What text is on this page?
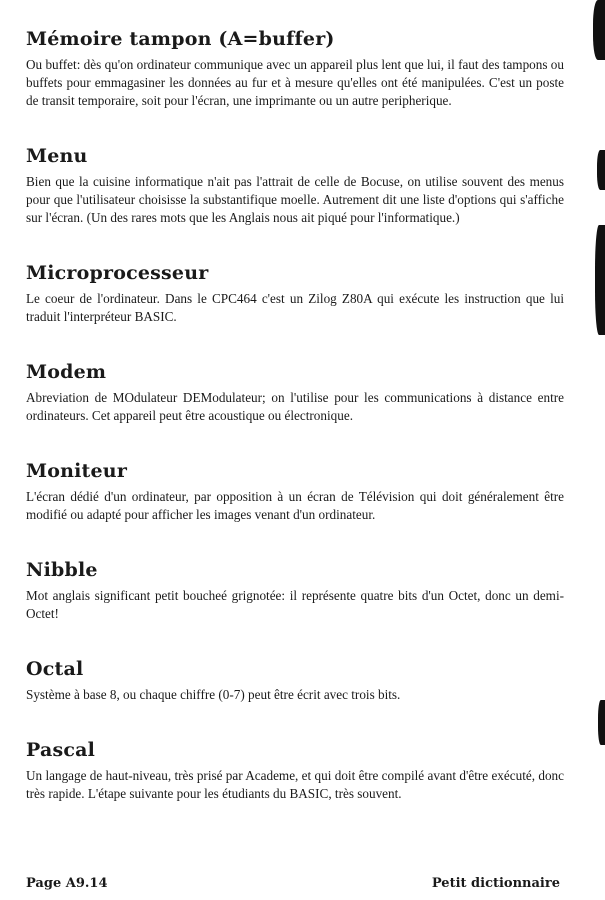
Mémoire tampon (A=buffer)

Ou buffet: dès qu'on ordinateur communique avec un appareil plus lent que lui, il faut des tampons ou buffets pour emmagasiner les données au fur et à mesure qu'elles ont été manipulées. C'est un poste de transit temporaire, soit pour l'écran, une imprimante ou un autre peripherique.

Menu

Bien que la cuisine informatique n'ait pas l'attrait de celle de Bocuse, on utilise souvent des menus pour que l'utilisateur choisisse la substantifique moelle. Autrement dit une liste d'options qui s'affiche sur l'écran. (Un des rares mots que les Anglais nous ait piqué pour l'informatique.)

Microprocesseur

Le coeur de l'ordinateur. Dans le CPC464 c'est un Zilog Z80A qui exécute les instruction que lui traduit l'interpréteur BASIC.

Modem

Abreviation de MOdulateur DEModulateur; on l'utilise pour les communications à distance entre ordinateurs. Cet appareil peut être acoustique ou électronique.

Moniteur

L'écran dédié d'un ordinateur, par opposition à un écran de Télévision qui doit généralement être modifié ou adapté pour afficher les images venant d'un ordinateur.

Nibble

Mot anglais significant petit boucheé grignotée: il représente quatre bits d'un Octet, donc un demi-Octet!

Octal

Système à base 8, ou chaque chiffre (0-7) peut être écrit avec trois bits.

Pascal

Un langage de haut-niveau, très prisé par Academe, et qui doit être compilé avant d'être exécuté, donc très rapide. L'étape suivante pour les étudiants du BASIC, très souvent.

Page A9.14	Petit dictionnaire
